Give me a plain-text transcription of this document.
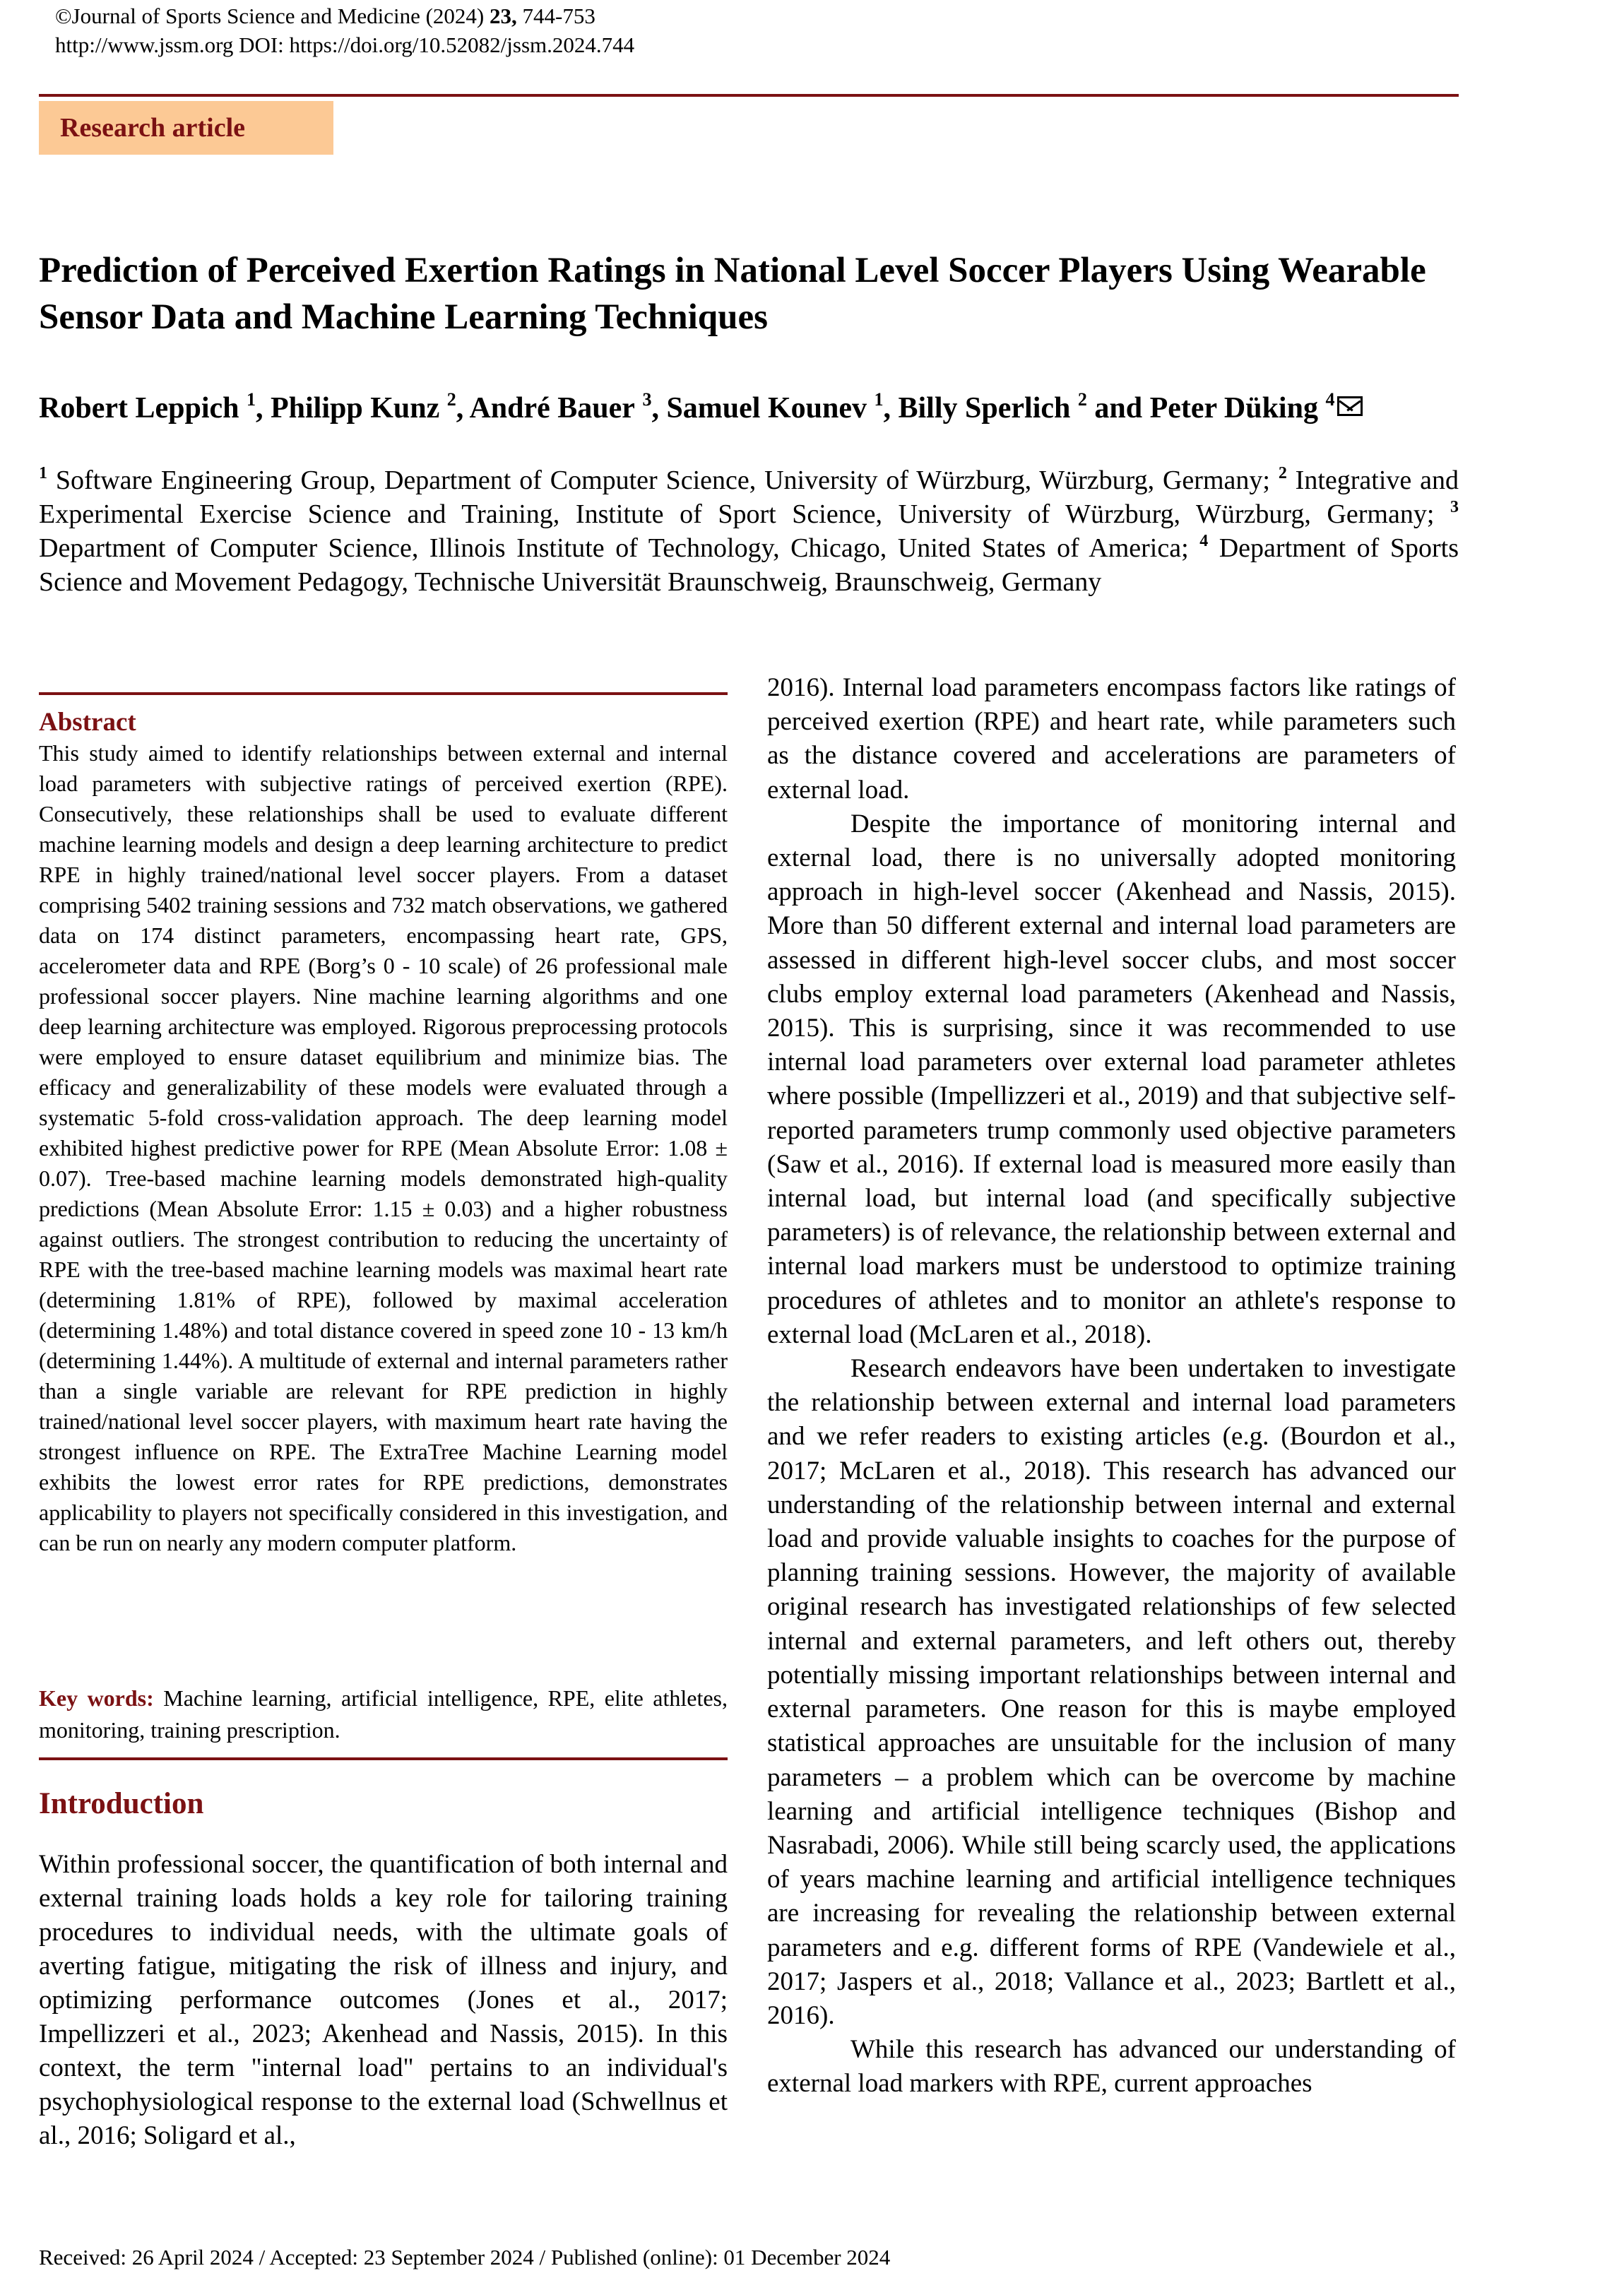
©Journal of Sports Science and Medicine (2024) 23, 744-753
http://www.jssm.org DOI: https://doi.org/10.52082/jssm.2024.744
Research article
Prediction of Perceived Exertion Ratings in National Level Soccer Players Using Wearable Sensor Data and Machine Learning Techniques
Robert Leppich $^1$, Philipp Kunz $^2$, André Bauer $^3$, Samuel Kounev $^1$, Billy Sperlich $^2$ and Peter Düking $^4$
$^1$ Software Engineering Group, Department of Computer Science, University of Würzburg, Würzburg, Germany; $^2$ Integrative and Experimental Exercise Science and Training, Institute of Sport Science, University of Würzburg, Würzburg, Germany; $^3$ Department of Computer Science, Illinois Institute of Technology, Chicago, United States of America; $^4$ Department of Sports Science and Movement Pedagogy, Technische Universität Braunschweig, Braunschweig, Germany
Abstract

This study aimed to identify relationships between external and internal load parameters with subjective ratings of perceived exertion (RPE). Consecutively, these relationships shall be used to evaluate different machine learning models and design a deep learning architecture to predict RPE in highly trained/national level soccer players. From a dataset comprising 5402 training sessions and 732 match observations, we gathered data on 174 distinct parameters, encompassing heart rate, GPS, accelerometer data and RPE (Borg’s 0 - 10 scale) of 26 professional male professional soccer players. Nine machine learning algorithms and one deep learning architecture was employed. Rigorous preprocessing protocols were employed to ensure dataset equilibrium and minimize bias. The efficacy and generalizability of these models were evaluated through a systematic 5-fold cross-validation approach. The deep learning model exhibited highest predictive power for RPE (Mean Absolute Error: 1.08 ± 0.07). Tree-based machine learning models demonstrated high-quality predictions (Mean Absolute Error: 1.15 ± 0.03) and a higher robustness against outliers. The strongest contribution to reducing the uncertainty of RPE with the tree-based machine learning models was maximal heart rate (determining 1.81% of RPE), followed by maximal acceleration (determining 1.48%) and total distance covered in speed zone 10 - 13 km/h (determining 1.44%). A multitude of external and internal parameters rather than a single variable are relevant for RPE prediction in highly trained/national level soccer players, with maximum heart rate having the strongest influence on RPE. The ExtraTree Machine Learning model exhibits the lowest error rates for RPE predictions, demonstrates applicability to players not specifically considered in this investigation, and can be run on nearly any modern computer platform.

Key words: Machine learning, artificial intelligence, RPE, elite athletes, monitoring, training prescription.
Introduction
Within professional soccer, the quantification of both internal and external training loads holds a key role for tailoring training procedures to individual needs, with the ultimate goals of averting fatigue, mitigating the risk of illness and injury, and optimizing performance outcomes (Jones et al., 2017; Impellizzeri et al., 2023; Akenhead and Nassis, 2015). In this context, the term "internal load" pertains to an individual's psychophysiological response to the external load (Schwellnus et al., 2016; Soligard et al.,

2016). Internal load parameters encompass factors like ratings of perceived exertion (RPE) and heart rate, while parameters such as the distance covered and accelerations are parameters of external load.

Despite the importance of monitoring internal and external load, there is no universally adopted monitoring approach in high-level soccer (Akenhead and Nassis, 2015). More than 50 different external and internal load parameters are assessed in different high-level soccer clubs, and most soccer clubs employ external load parameters (Akenhead and Nassis, 2015). This is surprising, since it was recommended to use internal load parameters over external load parameter athletes where possible (Impellizzeri et al., 2019) and that subjective self-reported parameters trump commonly used objective parameters (Saw et al., 2016). If external load is measured more easily than internal load, but internal load (and specifically subjective parameters) is of relevance, the relationship between external and internal load markers must be understood to optimize training procedures of athletes and to monitor an athlete's response to external load (McLaren et al., 2018).

Research endeavors have been undertaken to investigate the relationship between external and internal load parameters and we refer readers to existing articles (e.g. (Bourdon et al., 2017; McLaren et al., 2018). This research has advanced our understanding of the relationship between internal and external load and provide valuable insights to coaches for the purpose of planning training sessions. However, the majority of available original research has investigated relationships of few selected internal and external parameters, and left others out, thereby potentially missing important relationships between internal and external parameters. One reason for this is maybe employed statistical approaches are unsuitable for the inclusion of many parameters – a problem which can be overcome by machine learning and artificial intelligence techniques (Bishop and Nasrabadi, 2006). While still being scarcly used, the applications of years machine learning and artificial intelligence techniques are increasing for revealing the relationship between external parameters and e.g. different forms of RPE (Vandewiele et al., 2017; Jaspers et al., 2018; Vallance et al., 2023; Bartlett et al., 2016).

While this research has advanced our understanding of external load markers with RPE, current approaches

Received: 26 April 2024 / Accepted: 23 September 2024 / Published (online): 01 December 2024
